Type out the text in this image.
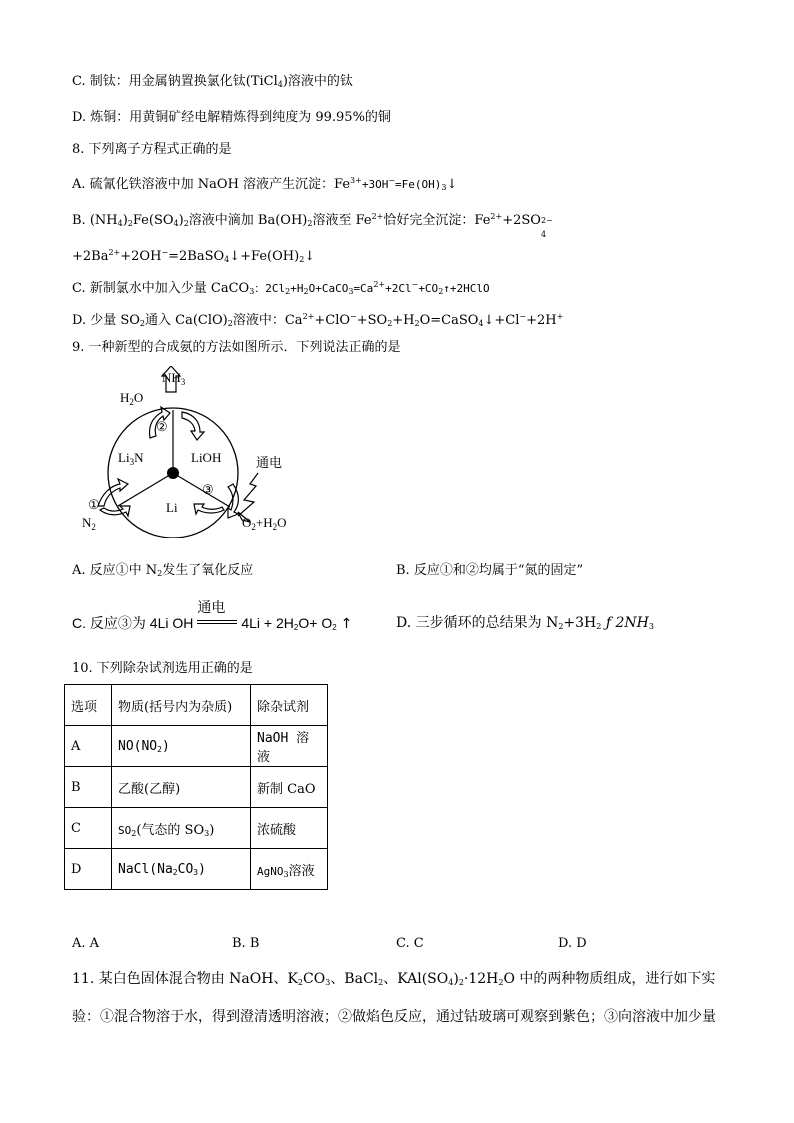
C. 制钛：用金属钠置换氯化钛(TiCl$_4$)溶液中的钛
D. 炼铜：用黄铜矿经电解精炼得到纯度为 99.95%的铜
8. 下列离子方程式正确的是
A. 硫氰化铁溶液中加 NaOH 溶液产生沉淀：$Fe^{3+}+3OH^-=Fe(OH)_3↓$
B. $(NH_4)_2Fe(SO_4)_2$溶液中滴加 $Ba(OH)_2$溶液至 $Fe^{2+}$恰好完全沉淀：$Fe^{2+}+2SO$ 2−
4
$+2Ba^{2+}+2OH^-=2BaSO_4↓+Fe(OH)_2↓$
C. 新制氯水中加入少量 CaCO$_3$：$2Cl_2+H_2O+CaCO_3=Ca^{2+}+2Cl^-+CO_2↑+2HClO$
D. 少量 $SO_2$通入 $Ca(ClO)_2$溶液中：$Ca^{2+}+ClO^-+SO_2+H_2O=CaSO_4↓+Cl^-+2H^+$
9. 一种新型的合成氨的方法如图所示．下列说法正确的是
$NH_3$
$H_2O$
②
$Li_3N$	LiOH	通电
①
③
Li
$N_2$	$O_2+H_2O$
A. 反应①中 $N_2$发生了氧化反应	B. 反应①和②均属于“氮的固定”
C. 反应③为 4Li OH
通电
$4Li + 2H_2O+ O_2$ ↑	D. 三步循环的总结果为 $N_2+3H_2$ ƒ $2NH_3$
10. 下列除杂试剂选用正确的是
选项	物质(括号内为杂质)	除杂试剂
A	$NO(NO_2)$	NaOH 溶液
B	乙酸(乙醇)	新制 CaO
C	$SO_2$(气态的 $SO_3$)	浓硫酸
D	$NaCl(Na_2CO_3)$	AgNO$_3$溶液
A. A	B. B	C. C	D. D
11. 某白色固体混合物由 NaOH、$K_2CO_3$、BaCl$_2$、$KAl(SO_4)_2\cdot 12H_2O$ 中的两种物质组成，进行如下实
验：①混合物溶于水，得到澄清透明溶液；②做焰色反应，通过钴玻璃可观察到紫色；③向溶液中加少量
